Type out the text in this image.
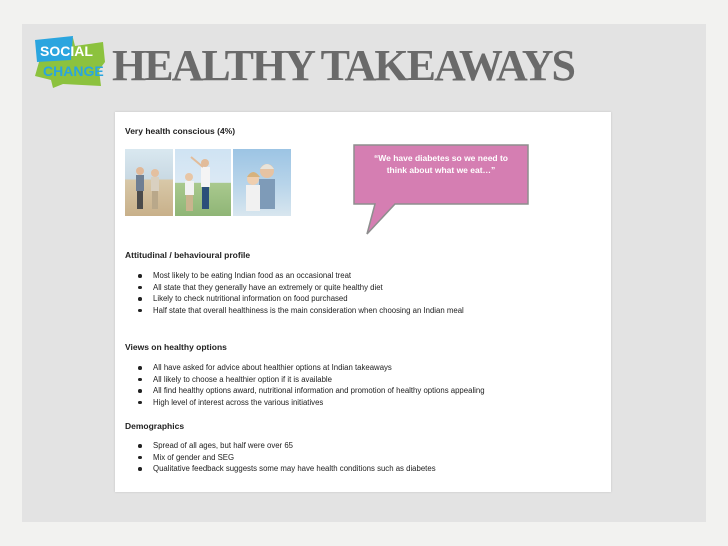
SOCIAL
CHANGE HEALTHY TAKEAWAYS
Very health conscious (4%)
“We have diabetes so we need to think about what we eat…”
Attitudinal / behavioural profile
Most likely to be eating Indian food as an occasional treat
All state that they generally have an extremely or quite healthy diet
Likely to check nutritional information on food purchased
Half state that overall healthiness is the main consideration when choosing an Indian meal
Views on healthy options
All have asked for advice about healthier options at Indian takeaways
All likely to choose a healthier option if it is available
All find healthy options award, nutritional information and promotion of healthy options appealing
High level of interest across the various initiatives
Demographics
Spread of all ages, but half were over 65
Mix of gender and SEG
Qualitative feedback suggests some may have health conditions such as diabetes
